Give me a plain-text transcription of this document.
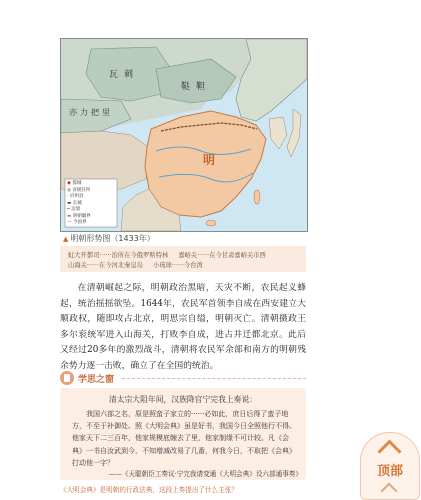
瓦刺
鞑靼
亦力把里
明
◉ 都城
◎ 省级驻所
· 府州县
▬ 长城
┅ 边墙
▬ 明朝疆界
-·- 今国界
▲ 明朝形势图（1433年）
虹大开都司······治所在今俄罗斯特林 嘉峪关······在今甘肃嘉峪关市西
山海关······在今河北秦皇岛 小琉球······今台湾

在清朝崛起之际，明朝政治黑暗，天灾不断，农民起义蜂起，统治摇摇欲坠。1644年，农民军首领李自成在西安建立大顺政权，随即攻占北京，明思宗自缢，明朝灭亡。清朝摄政王多尔衮统军进入山海关，打败李自成，进占并迁都北京。此后又经过20多年的激烈战斗，清朝将农民军余部和南方的明朝残余势力逐一击败，确立了在全国的统治。

学思之窗
清太宗大阻年间，汉族降官宁完我上奏说：

我国六部之名，原是照蛮子家立的······必如此，庶日后得了蛮子地方，不至于补御处。照《大明会典》虽是好书，我国今日全照他行不得。他家天下二三百年，他家规模底缠去了里，他家制缘不可计较。凡《会典》一书自汝武到今，不知增减改易了几番，何我今日，不取把《会典》打动他一字？

——《天聪朝臣工奏议·宁完我请变通《大明会典》设六部通事奏》
《大明会典》是明朝的行政法典，这段上奏提出了什么主张？
顶部
